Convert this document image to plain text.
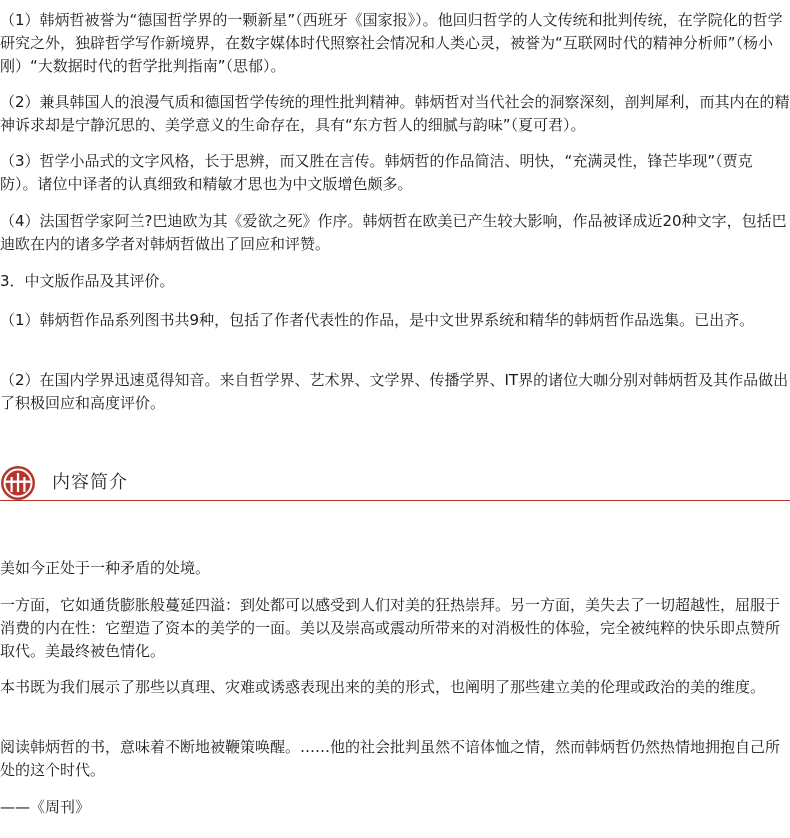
（1）韩炳哲被誉为“德国哲学界的一颗新星”（西班牙《国家报》）。他回归哲学的人文传统和批判传统，在学院化的哲学研究之外，独辟哲学写作新境界，在数字媒体时代照察社会情况和人类心灵，被誉为“互联网时代的精神分析师”（杨小刚）“大数据时代的哲学批判指南”（思郁）。

（2）兼具韩国人的浪漫气质和德国哲学传统的理性批判精神。韩炳哲对当代社会的洞察深刻，剖判犀利，而其内在的精神诉求却是宁静沉思的、美学意义的生命存在，具有“东方哲人的细腻与韵味”（夏可君）。

（3）哲学小品式的文字风格，长于思辨，而又胜在言传。韩炳哲的作品简洁、明快，“充满灵性，锋芒毕现”（贾克防）。诸位中译者的认真细致和精敏才思也为中文版增色颇多。

（4）法国哲学家阿兰?巴迪欧为其《爱欲之死》作序。韩炳哲在欧美已产生较大影响，作品被译成近20种文字，包括巴迪欧在内的诸多学者对韩炳哲做出了回应和评赞。

3．中文版作品及其评价。

（1）韩炳哲作品系列图书共9种，包括了作者代表性的作品，是中文世界系统和精华的韩炳哲作品选集。已出齐。

（2）在国内学界迅速觅得知音。来自哲学界、艺术界、文学界、传播学界、IT界的诸位大咖分别对韩炳哲及其作品做出了积极回应和高度评价。

内容简介

美如今正处于一种矛盾的处境。

一方面，它如通货膨胀般蔓延四溢：到处都可以感受到人们对美的狂热崇拜。另一方面，美失去了一切超越性，屈服于消费的内在性：它塑造了资本的美学的一面。美以及崇高或震动所带来的对消极性的体验，完全被纯粹的快乐即点赞所取代。美最终被色情化。

本书既为我们展示了那些以真理、灾难或诱惑表现出来的美的形式，也阐明了那些建立美的伦理或政治的美的维度。

阅读韩炳哲的书，意味着不断地被鞭策唤醒。……他的社会批判虽然不谙体恤之情，然而韩炳哲仍然热情地拥抱自己所处的这个时代。

——《周刊》
